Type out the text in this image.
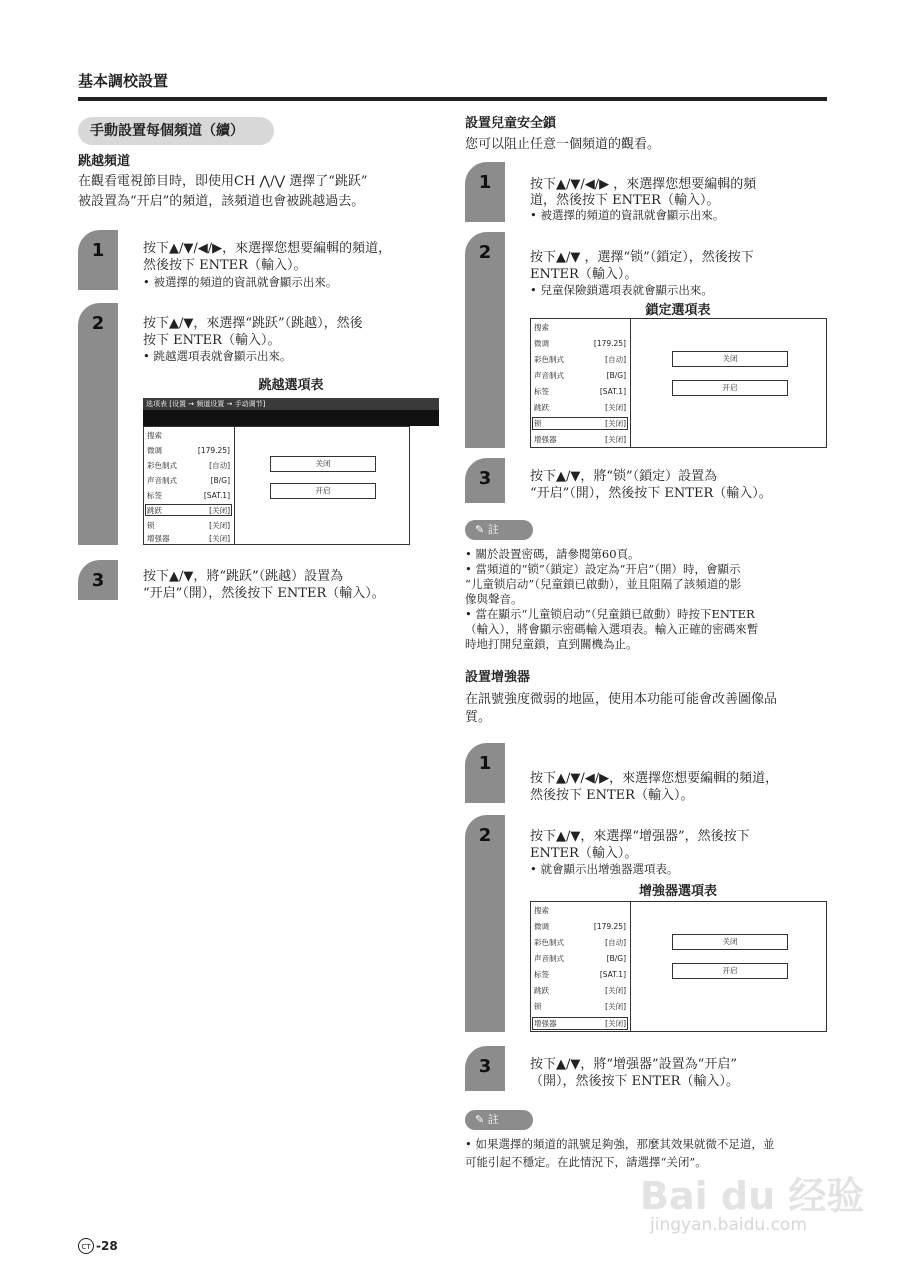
基本調校設置
手動設置每個頻道（續）
跳越頻道
在觀看電視節目時，即使用CH ⋀/⋁ 選擇了“跳跃”
被設置為“开启”的頻道，該頻道也會被跳越過去。
1	按下▲/▼/◀/▶，來選擇您想要編輯的頻道，
然後按下 ENTER（輸入）。
• 被選擇的頻道的資訊就會顯示出來。
2	按下▲/▼，來選擇“跳跃”（跳越），然後
按下 ENTER（輸入）。
• 跳越選項表就會顯示出來。
跳越選項表
选项表 [设置 → 频道设置 → 手动调节]
搜索
微调	[179.25]
彩色制式	[自动]
声音制式	[B/G]
标签	[SAT.1]
跳跃	[关闭]
锁	[关闭]
增强器	[关闭]
关闭
开启
3	按下▲/▼，將“跳跃”（跳越）設置為
“开启”（開），然後按下 ENTER（輸入）。
設置兒童安全鎖
您可以阻止任意一個頻道的觀看。
1	按下▲/▼/◀/▶ ，來選擇您想要編輯的頻
道，然後按下 ENTER（輸入）。
• 被選擇的頻道的資訊就會顯示出來。
2	按下▲/▼ ，選擇“锁”（鎖定），然後按下
ENTER（輸入）。
• 兒童保險鎖選項表就會顯示出來。
鎖定選項表
搜索
微调	[179.25]
彩色制式	[自动]
声音制式	[B/G]
标签	[SAT.1]
跳跃	[关闭]
锁	[关闭]
增强器	[关闭]
关闭
开启
3	按下▲/▼，將“锁”（鎖定）設置為
“开启”（開），然後按下 ENTER（輸入）。
✎ 註
• 關於設置密碼，請參閱第60頁。
• 當頻道的“锁”（鎖定）設定為“开启”（開）時，會顯示
“儿童锁启动”（兒童鎖已啟動），並且阻隔了該頻道的影
像與聲音。
• 當在顯示“儿童锁启动”（兒童鎖已啟動）時按下ENTER
（輸入），將會顯示密碼輸入選項表。輸入正確的密碼來暫
時地打開兒童鎖，直到關機為止。
設置增強器
在訊號強度微弱的地區，使用本功能可能會改善圖像品
質。
1
按下▲/▼/◀/▶，來選擇您想要編輯的頻道，
然後按下 ENTER（輸入）。
2	按下▲/▼，來選擇“增强器”，然後按下
ENTER（輸入）。
• 就會顯示出增強器選項表。
增強器選項表
搜索
微调	[179.25]
彩色制式	[自动]
声音制式	[B/G]
标签	[SAT.1]
跳跃	[关闭]
锁	[关闭]
增强器	[关闭]
关闭
开启
3	按下▲/▼，將“增强器”設置為“开启”
（開），然後按下 ENTER（輸入）。
✎ 註
• 如果選擇的頻道的訊號足夠強，那麼其效果就微不足道，並
可能引起不穩定。在此情況下，請選擇“关闭”。
Bai du 经验
jingyan.baidu.com
CT -28
